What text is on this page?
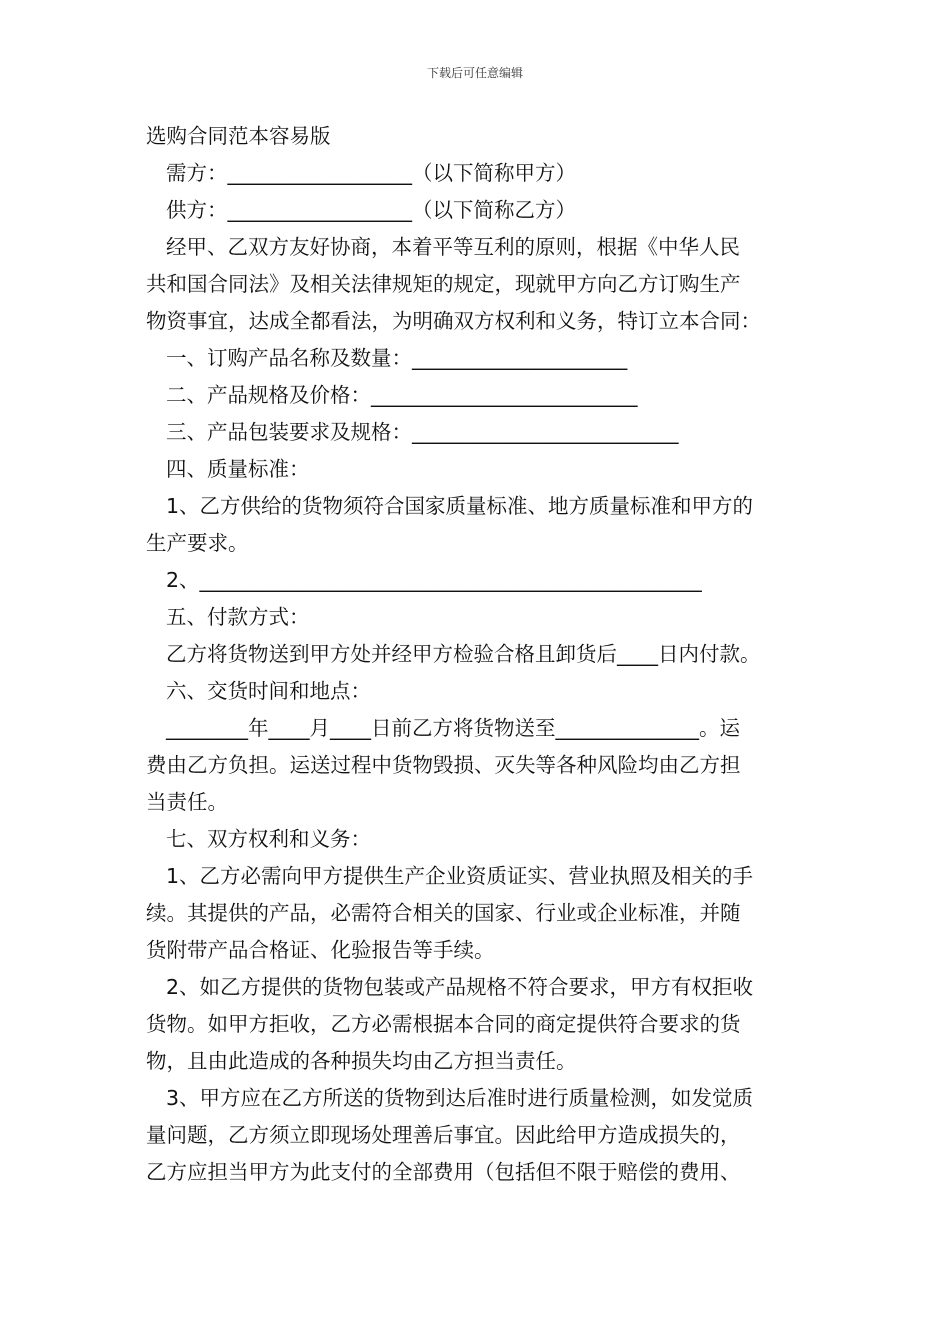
下载后可任意编辑
选购合同范本容易版
需方：__________________（以下简称甲方）
供方：__________________（以下简称乙方）
经甲、乙双方友好协商，本着平等互利的原则，根据《中华人民
共和国合同法》及相关法律规矩的规定，现就甲方向乙方订购生产
物资事宜，达成全都看法，为明确双方权利和义务，特订立本合同：
一、订购产品名称及数量：_____________________
二、产品规格及价格：__________________________
三、产品包装要求及规格：__________________________
四、质量标准：
1、乙方供给的货物须符合国家质量标准、地方质量标准和甲方的
生产要求。
2、_________________________________________________
五、付款方式：
乙方将货物送到甲方处并经甲方检验合格且卸货后____日内付款。
六、交货时间和地点：
________年____月____日前乙方将货物送至______________。运
费由乙方负担。运送过程中货物毁损、灭失等各种风险均由乙方担
当责任。
七、双方权利和义务：
1、乙方必需向甲方提供生产企业资质证实、营业执照及相关的手
续。其提供的产品，必需符合相关的国家、行业或企业标准，并随
货附带产品合格证、化验报告等手续。
2、如乙方提供的货物包装或产品规格不符合要求，甲方有权拒收
货物。如甲方拒收，乙方必需根据本合同的商定提供符合要求的货
物，且由此造成的各种损失均由乙方担当责任。
3、甲方应在乙方所送的货物到达后准时进行质量检测，如发觉质
量问题，乙方须立即现场处理善后事宜。因此给甲方造成损失的，
乙方应担当甲方为此支付的全部费用（包括但不限于赔偿的费用、
